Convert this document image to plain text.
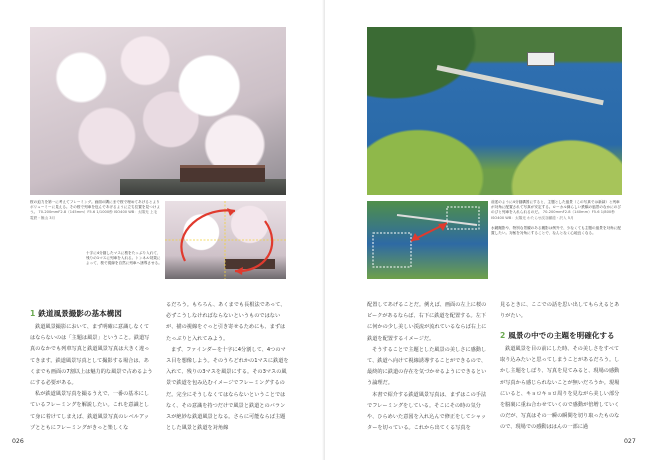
桜の迫力を第一に考えてフレーミング。画面の隅にまで桜で埋めてあげるとよりボリューミーに見える。その桜で列車を包んであげるように立ち位置を見つけよう。 70-200mmF2.8（145mm）F5.6 1/1000秒 ISO400 WB：太陽光 上毛電鉄・飯山 3月
十字に4分割したマスに桜をたっぷり入れて、残りの1マスに列車を入れる。トンネル効果によって、桜で視線を自然に列車へ誘導させる。
1 鉄道風景撮影の基本構図

鉄道風景撮影において、まず明確に意識しなくてはならないのは「主題は風景」ということ。鉄道写真のなかでも列車写真と鉄道風景写真は大きく違ってきます。鉄道風景写真として撮影する場合は、あくまでも画面の7割以上は魅力的な風景で占めるようにする必要がある。

私が鉄道風景写真を撮るうえで、一番の基本にしているフレーミングを解説したい。これを意識として身に着けてしまえば、鉄道風景写真のレベルアップとともにフレーミングがきっと楽しくな

るだろう。もちろん、あくまでも長根法であって、必ずこうしなければならないというものではないが、描の視線をぐっと引き寄せるためにも、まずはたっぷりと入れてみよう。

まず、ファインダーを十字に4分割して、4つのマス目を想像しよう。そのうちどれかの1マスに鉄道を入れて、残りの3マスを風景にする。その3マスの風景で鉄道を包み込むイメージでフレーミングするのだ。完全にそうしなくてはならないということではなく、その意識を持つだけで風景と鉄道とのバランスが絶妙な鉄道風景となる。さらに可能ならば主題とした風景と鉄道を対角線

026
前述のように4分割構図にすると、主題とした風景（この写真では新緑）と列車が対角に配置されて写真が安定する。ローカル線らしい鉄橋の風景のなかにのびのびと列車を入れられるのだ。 70-200mmF2.8（140mm）F5.6 1/800秒 ISO400 WB：太陽光 わたらせ渓谷鐵道・沢入 5月
水鏡撮影や、特別な景観のある撮影は例外で、少なくても主題の風景を対角に配置したい。対極を対角にすることで、なんとなく心地良くなる。

配置してあげることだ。例えば、画面の左上に桜のピークがあるならば、右下に鉄道を配置する。左下に何かの少し美しい渓流が流れているならば右上に鉄道を配置するイメージだ。

そうすることで主題とした風景の美しさに感動して、鉄道へ向けて視線誘導することができるので、最終的に鉄道の存在を気づかせるようにできるという論理だ。

本書で紹介する鉄道風景写真は、まずはこの手法でフレーミングをしている。そこにその時の気分や、ひらめいた意図を入れ込んで修正をしてシャッターを切っている。これから出てくる写真を

見るときに、ここでの話を思い出してもらえるとありがたい。

2 風景の中での主題を明確化する

鉄道風景を目の前にした時、その美しさをすべて取り込みたいと思ってしまうことがあるだろう。しかし主題をしぼり、写真を見てみると、現場の感動が写真から感じられないことが無いだろうか。現場にいると、キョロキョロ周りを見ながら美しい部分を脳裏に重ね合わせていくので感動が倍増していくのだが、写真はその一瞬の瞬間を切り取ったものなので、現場での感動ははんの一部に過

027
